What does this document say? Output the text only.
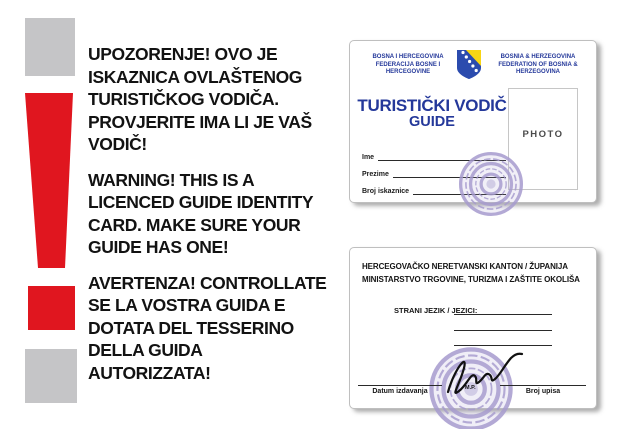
UPOZORENJE! OVO JE
ISKAZNICA OVLAŠTENOG
TURISTIČKOG VODIČA.
PROVJERITE IMA LI JE VAŠ
VODIČ!

WARNING! THIS IS A
LICENCED GUIDE IDENTITY
CARD. MAKE SURE YOUR
GUIDE HAS ONE!

AVERTENZA! CONTROLLATE
SE LA VOSTRA GUIDA E
DOTATA DEL TESSERINO
DELLA GUIDA
AUTORIZZATA!

BOSNA I HERCEGOVINA
FEDERACIJA BOSNE I HERCEGOVINE
BOSNIA & HERZEGOVINA
FEDERATION OF BOSNIA & HERZEGOVINA
TURISTIČKI VODIČ
GUIDE
PHOTO
Ime
Prezime
Broj iskaznice
HERCEGOVAČKO NERETVANSKI KANTON / ŽUPANIJA
MINISTARSTVO TRGOVINE, TURIZMA I ZAŠTITE OKOLIŠA
STRANI JEZIK / JEZICI:
Datum izdavanja	Broj upisa
M.P.
